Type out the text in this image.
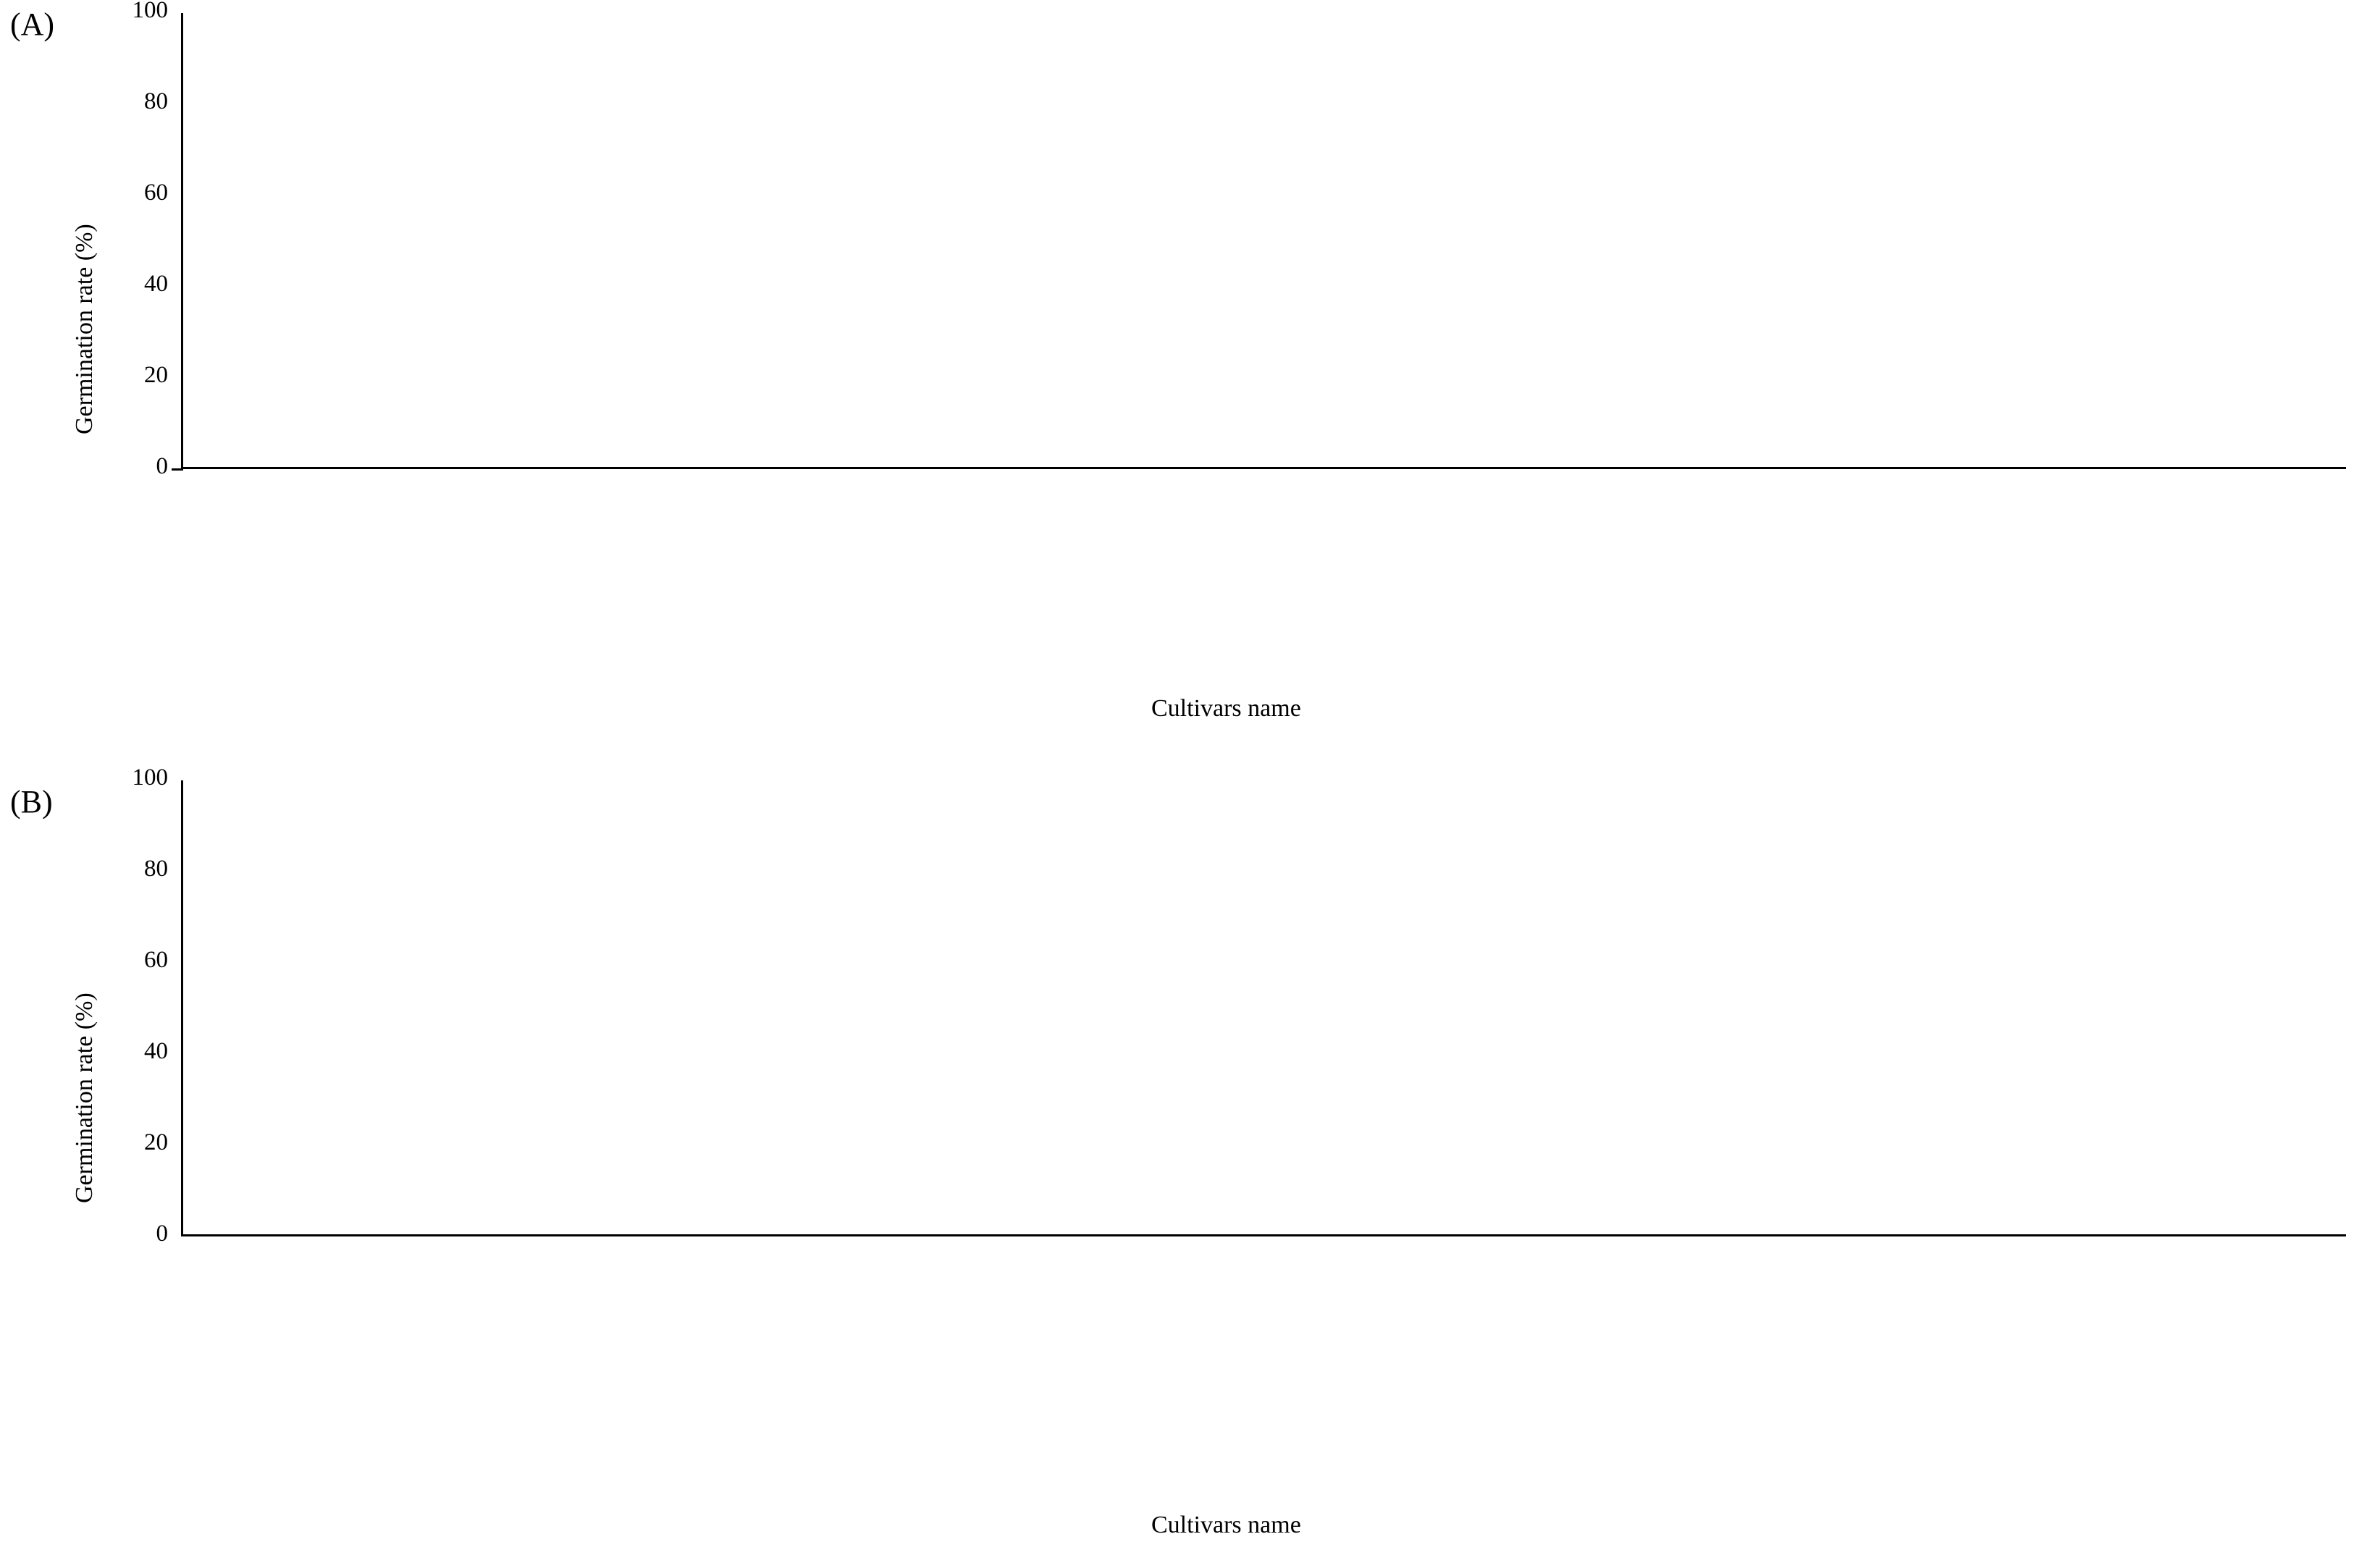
(A)
Germination rate (%)
Cultivars name
0
20
40
60
80
100
(B)
Germination rate (%)
Cultivars name
0
20
40
60
80
100
